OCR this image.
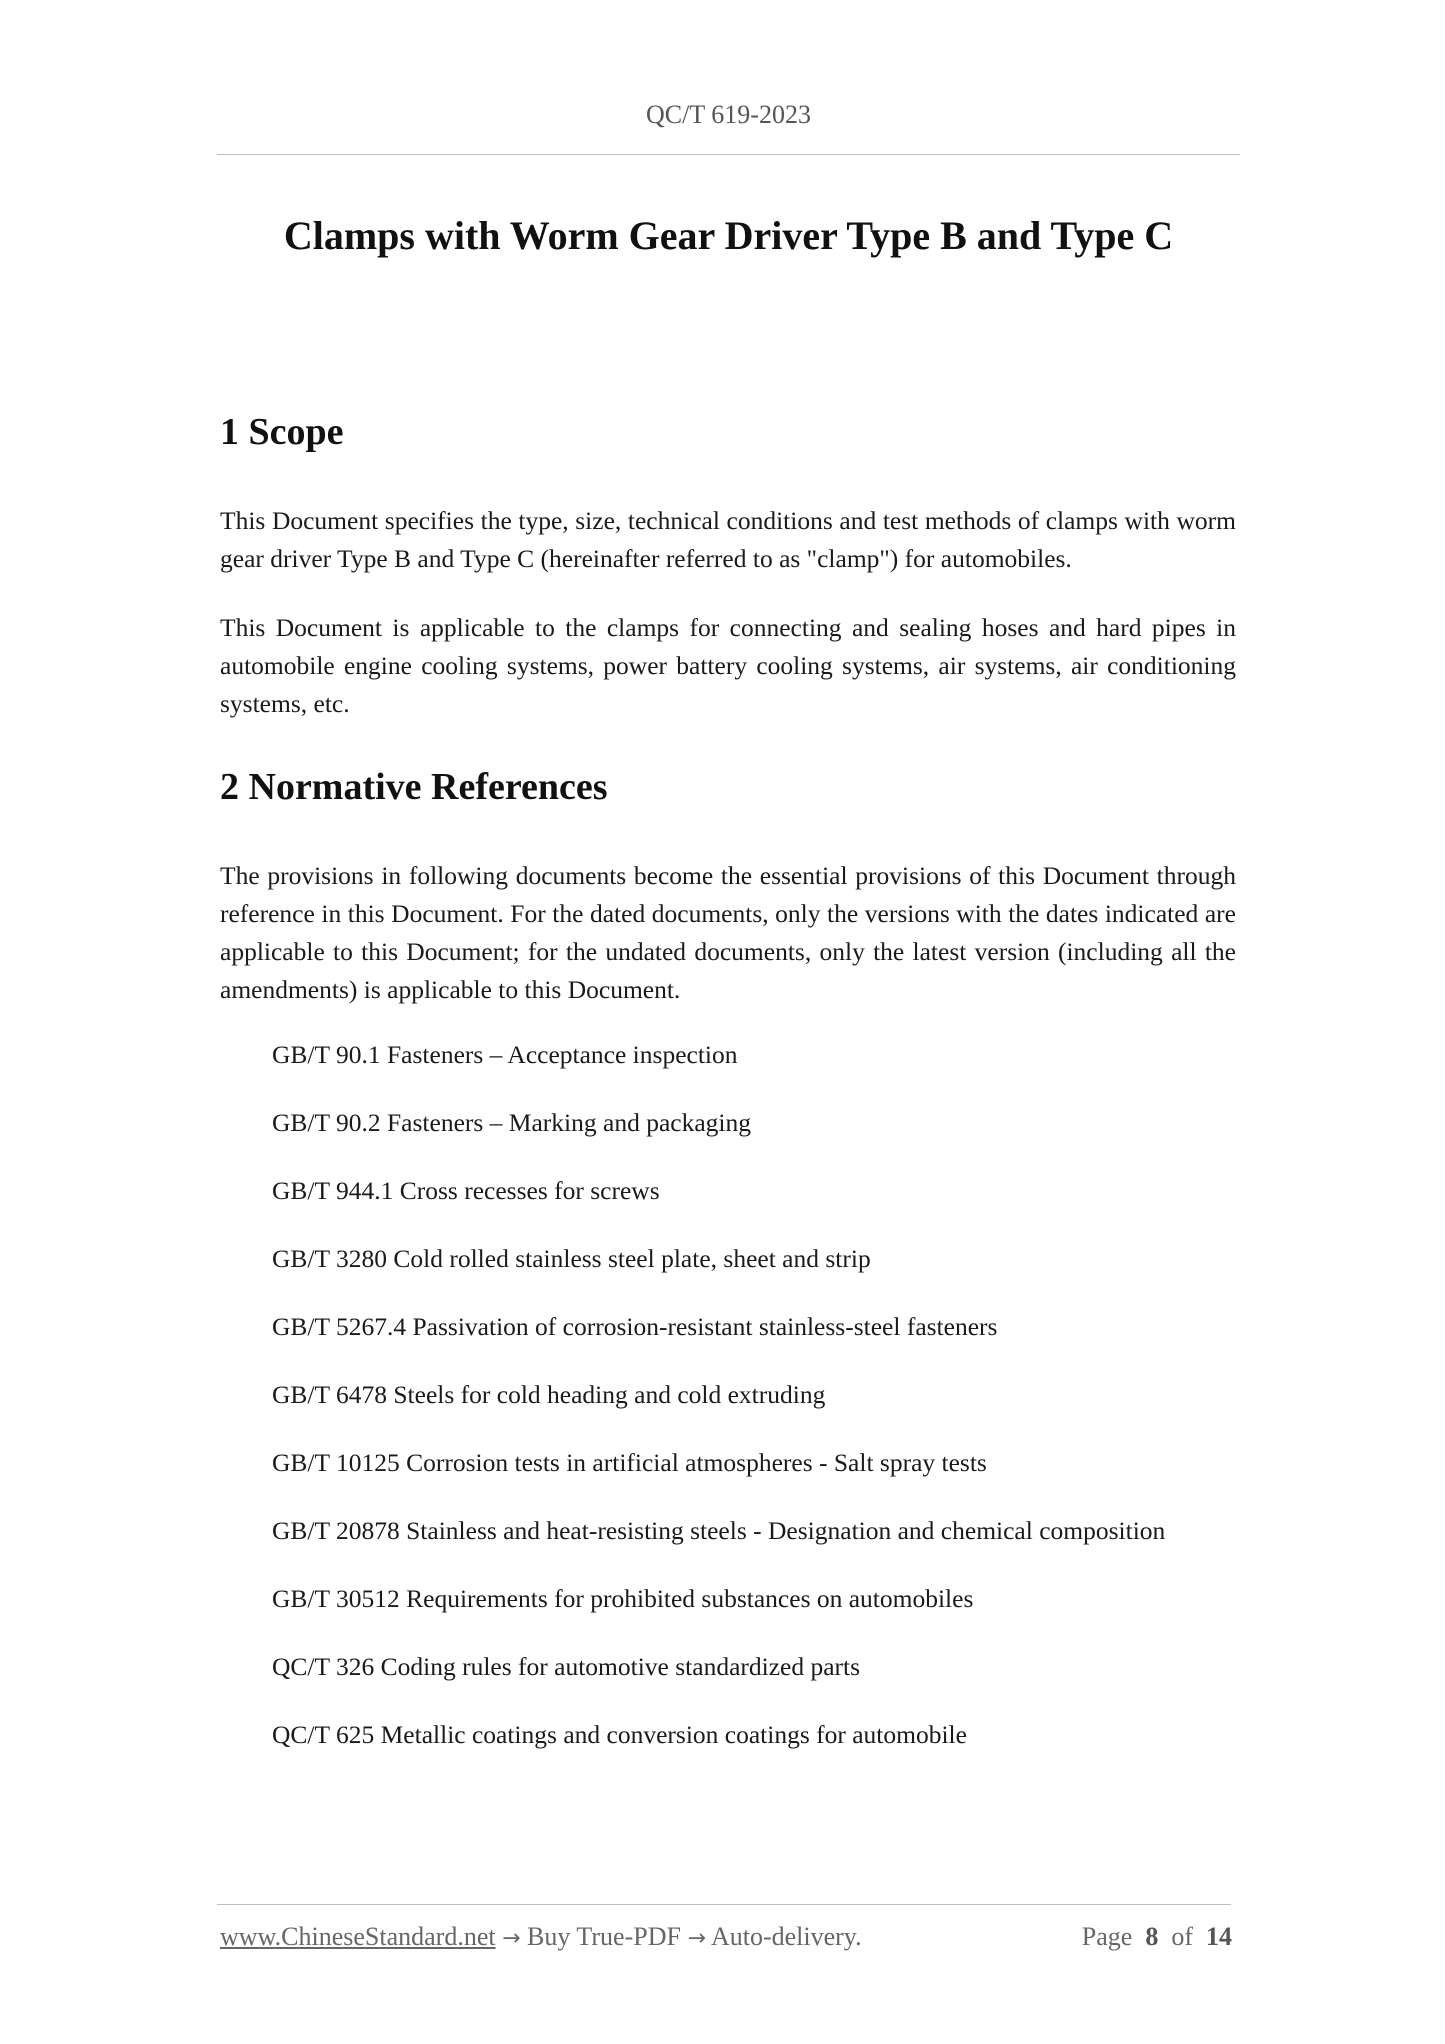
QC/T 619-2023
Clamps with Worm Gear Driver Type B and Type C
1 Scope

This Document specifies the type, size, technical conditions and test methods of clamps with worm gear driver Type B and Type C (hereinafter referred to as "clamp") for automobiles.

This Document is applicable to the clamps for connecting and sealing hoses and hard pipes in automobile engine cooling systems, power battery cooling systems, air systems, air conditioning systems, etc.

2 Normative References

The provisions in following documents become the essential provisions of this Document through reference in this Document. For the dated documents, only the versions with the dates indicated are applicable to this Document; for the undated documents, only the latest version (including all the amendments) is applicable to this Document.

GB/T 90.1 Fasteners – Acceptance inspection
GB/T 90.2 Fasteners – Marking and packaging
GB/T 944.1 Cross recesses for screws
GB/T 3280 Cold rolled stainless steel plate, sheet and strip
GB/T 5267.4 Passivation of corrosion-resistant stainless-steel fasteners
GB/T 6478 Steels for cold heading and cold extruding
GB/T 10125 Corrosion tests in artificial atmospheres - Salt spray tests
GB/T 20878 Stainless and heat-resisting steels - Designation and chemical composition
GB/T 30512 Requirements for prohibited substances on automobiles
QC/T 326 Coding rules for automotive standardized parts
QC/T 625 Metallic coatings and conversion coatings for automobile
www.ChineseStandard.net → Buy True-PDF → Auto-delivery.	Page 8 of 14
